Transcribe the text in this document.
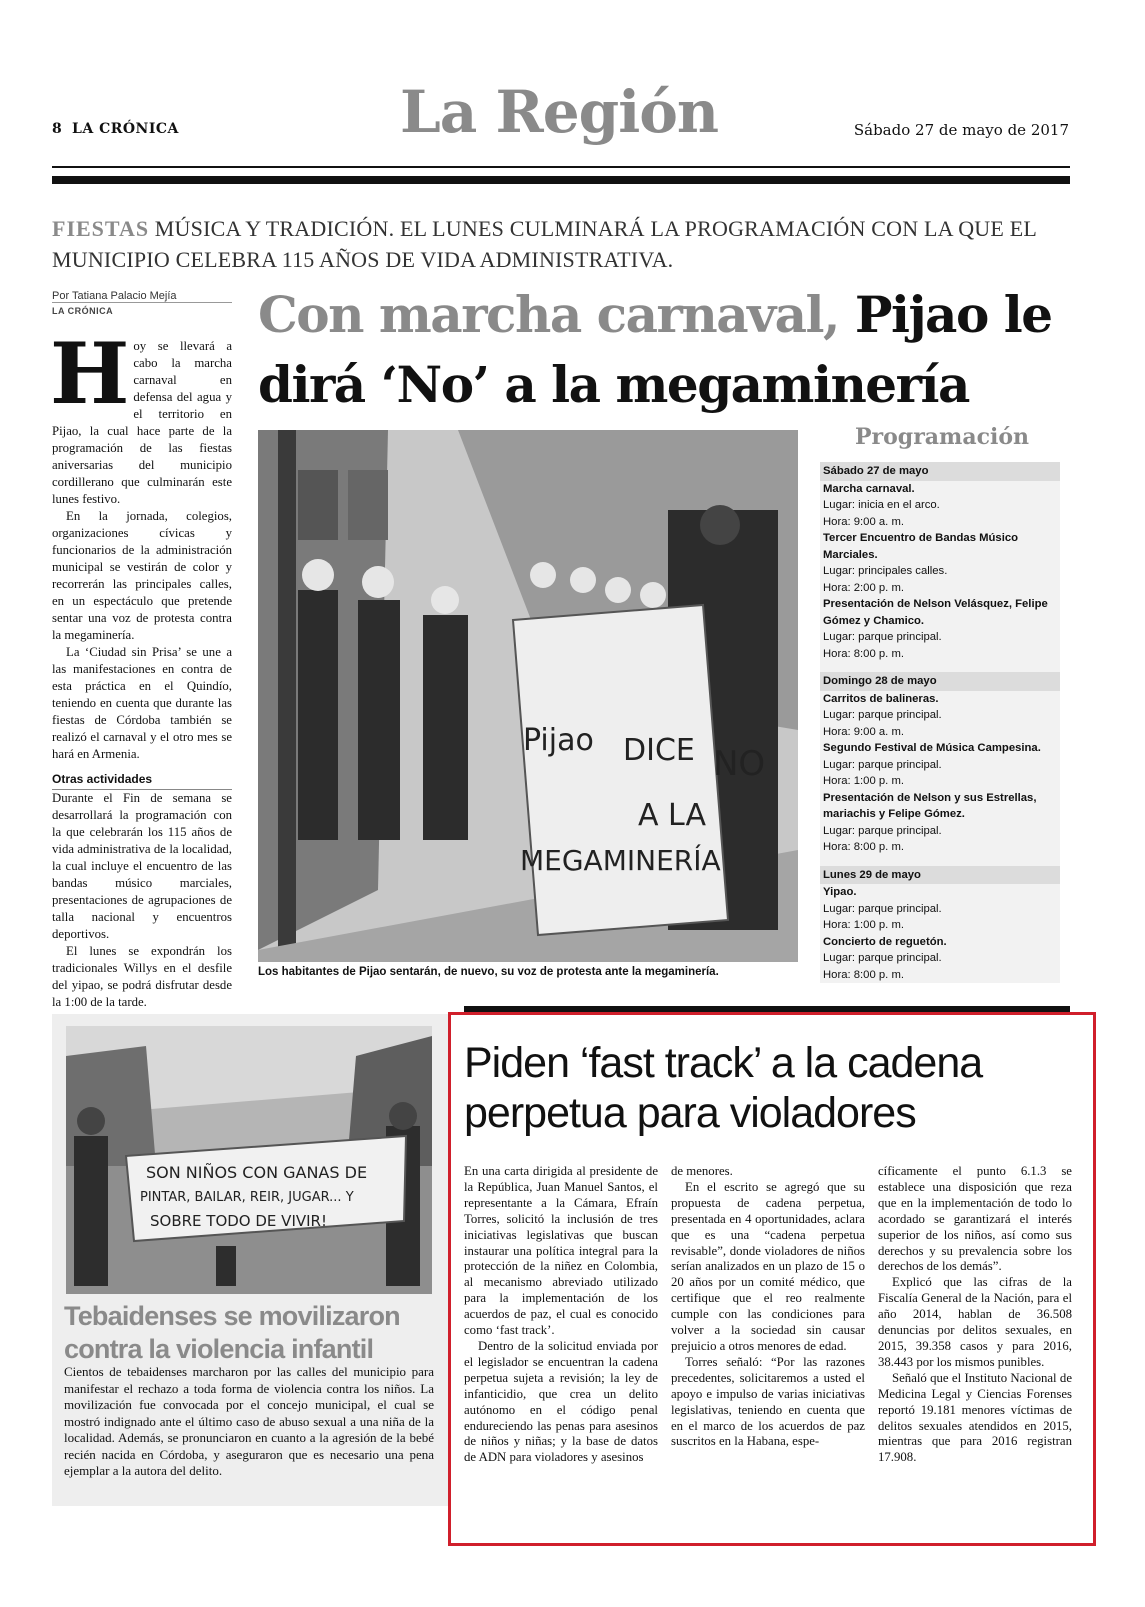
8 LA CRÓNICA	La Región	Sábado 27 de mayo de 2017
FIESTAS MÚSICA Y TRADICIÓN. EL LUNES CULMINARÁ LA PROGRAMACIÓN CON LA QUE EL MUNICIPIO CELEBRA 115 AÑOS DE VIDA ADMINISTRATIVA.
Por Tatiana Palacio Mejía
LA CRÓNICA	Con marcha carnaval, Pijao le dirá ‘No’ a la megaminería

Hoy se llevará a cabo la marcha carnaval en defensa del agua y el territorio en Pijao, la cual hace parte de la programación de las fiestas aniversarias del municipio cordillerano que culminarán este lunes festivo.

En la jornada, colegios, organizaciones cívicas y funcionarios de la administración municipal se vestirán de color y recorrerán las principales calles, en un espectáculo que pretende sentar una voz de protesta contra la megaminería.

La ‘Ciudad sin Prisa’ se une a las manifestaciones en contra de esta práctica en el Quindío, teniendo en cuenta que durante las fiestas de Córdoba también se realizó el carnaval y el otro mes se hará en Armenia.

Otras actividades

Durante el Fin de semana se desarrollará la programación con la que celebrarán los 115 años de vida administrativa de la localidad, la cual incluye el encuentro de las bandas músico marciales, presentaciones de agrupaciones de talla nacional y encuentros deportivos.

El lunes se expondrán los tradicionales Willys en el desfile del yipao, se podrá disfrutar desde la 1:00 de la tarde.

Pijao DICE NO
A LA
MEGAMINERÍA
Los habitantes de Pijao sentarán, de nuevo, su voz de protesta ante la megaminería.
Programación
Sábado 27 de mayo
Marcha carnaval.
Lugar: inicia en el arco.
Hora: 9:00 a. m.
Tercer Encuentro de Bandas Músico Marciales.
Lugar: principales calles.
Hora: 2:00 p. m.
Presentación de Nelson Velásquez, Felipe Gómez y Chamico.
Lugar: parque principal.
Hora: 8:00 p. m.
Domingo 28 de mayo
Carritos de balineras.
Lugar: parque principal.
Hora: 9:00 a. m.
Segundo Festival de Música Campesina.
Lugar: parque principal.
Hora: 1:00 p. m.
Presentación de Nelson y sus Estrellas, mariachis y Felipe Gómez.
Lugar: parque principal.
Hora: 8:00 p. m.
Lunes 29 de mayo
Yipao.
Lugar: parque principal.
Hora: 1:00 p. m.
Concierto de reguetón.
Lugar: parque principal.
Hora: 8:00 p. m.
SON NIÑOS CON GANAS DE
PINTAR, BAILAR, REIR, JUGAR... Y
SOBRE TODO DE VIVIR!
Tebaidenses se movilizaron contra la violencia infantil
Cientos de tebaidenses marcharon por las calles del municipio para manifestar el rechazo a toda forma de violencia contra los niños. La movilización fue convocada por el concejo municipal, el cual se mostró indignado ante el último caso de abuso sexual a una niña de la localidad. Además, se pronunciaron en cuanto a la agresión de la bebé recién nacida en Córdoba, y aseguraron que es necesario una pena ejemplar a la autora del delito.
Piden ‘fast track’ a la cadena perpetua para violadores

En una carta dirigida al presidente de la República, Juan Manuel Santos, el representante a la Cámara, Efraín Torres, solicitó la inclusión de tres iniciativas legislativas que buscan instaurar una política integral para la protección de la niñez en Colombia, al mecanismo abreviado utilizado para la implementación de los acuerdos de paz, el cual es conocido como ‘fast track’.

Dentro de la solicitud enviada por el legislador se encuentran la cadena perpetua sujeta a revisión; la ley de infanticidio, que crea un delito autónomo en el código penal endureciendo las penas para asesinos de niños y niñas; y la base de datos de ADN para violadores y asesinos

de menores.

En el escrito se agregó que su propuesta de cadena perpetua, presentada en 4 oportunidades, aclara que es una “cadena perpetua revisable”, donde violadores de niños serían analizados en un plazo de 15 o 20 años por un comité médico, que certifique que el reo realmente cumple con las condiciones para volver a la sociedad sin causar prejuicio a otros menores de edad.

Torres señaló: “Por las razones precedentes, solicitaremos a usted el apoyo e impulso de varias iniciativas legislativas, teniendo en cuenta que en el marco de los acuerdos de paz suscritos en la Habana, espe-

cíficamente el punto 6.1.3 se establece una disposición que reza que en la implementación de todo lo acordado se garantizará el interés superior de los niños, así como sus derechos y su prevalencia sobre los derechos de los demás”.

Explicó que las cifras de la Fiscalía General de la Nación, para el año 2014, hablan de 36.508 denuncias por delitos sexuales, en 2015, 39.358 casos y para 2016, 38.443 por los mismos punibles.

Señaló que el Instituto Nacional de Medicina Legal y Ciencias Forenses reportó 19.181 menores víctimas de delitos sexuales atendidos en 2015, mientras que para 2016 registran 17.908.
